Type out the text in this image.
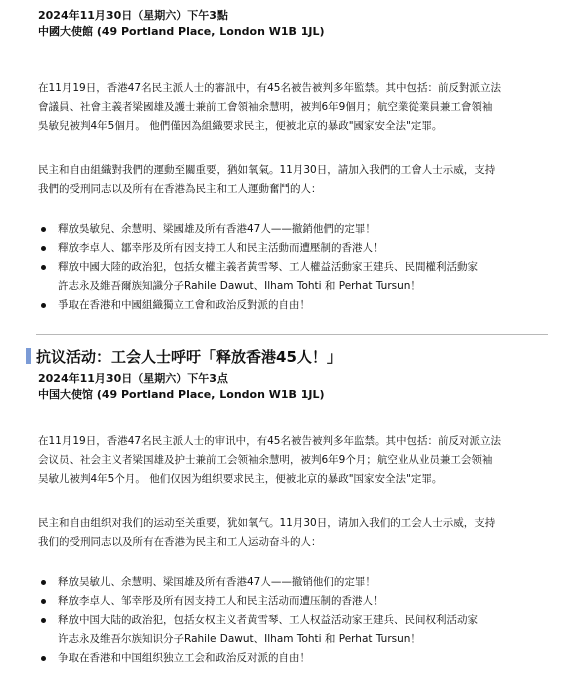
2024年11月30日（星期六）下午3點
中國大使館 (49 Portland Place, London W1B 1JL)

在11月19日，香港47名民主派人士的審訊中，有45名被告被判多年監禁。其中包括：前反對派立法
會議員、社會主義者梁國雄及護士兼前工會領袖余慧明，被判6年9個月；航空業從業員兼工會領袖
吳敏兒被判4年5個月。 他們僅因為組織要求民主，便被北京的暴政"國家安全法"定罪。

民主和自由組織對我們的運動至關重要，猶如氧氣。11月30日，請加入我們的工會人士示威，支持
我們的受刑同志以及所有在香港為民主和工人運動奮鬥的人：

釋放吳敏兒、余慧明、梁國雄及所有香港47人——撤銷他們的定罪！
釋放李卓人、鄒幸彤及所有因支持工人和民主活動而遭壓制的香港人！
釋放中國大陸的政治犯，包括女權主義者黃雪琴、工人權益活動家王建兵、民間權利活動家
許志永及維吾爾族知識分子Rahile Dawut、Ilham Tohti 和 Perhat Tursun！
爭取在香港和中國組織獨立工會和政治反對派的自由！
抗议活动：工会人士呼吁「释放香港45人！」
2024年11月30日（星期六）下午3点
中国大使馆 (49 Portland Place, London W1B 1JL)

在11月19日，香港47名民主派人士的审讯中，有45名被告被判多年监禁。其中包括：前反对派立法
会议员、社会主义者梁国雄及护士兼前工会领袖余慧明，被判6年9个月；航空业从业员兼工会领袖
吴敏儿被判4年5个月。 他们仅因为组织要求民主，便被北京的暴政"国家安全法"定罪。

民主和自由组织对我们的运动至关重要，犹如氧气。11月30日，请加入我们的工会人士示威，支持
我们的受刑同志以及所有在香港为民主和工人运动奋斗的人：

释放吴敏儿、余慧明、梁国雄及所有香港47人——撤销他们的定罪！
释放李卓人、邹幸彤及所有因支持工人和民主活动而遭压制的香港人！
释放中国大陆的政治犯，包括女权主义者黄雪琴、工人权益活动家王建兵、民间权利活动家
许志永及维吾尔族知识分子Rahile Dawut、Ilham Tohti 和 Perhat Tursun！
争取在香港和中国组织独立工会和政治反对派的自由！
